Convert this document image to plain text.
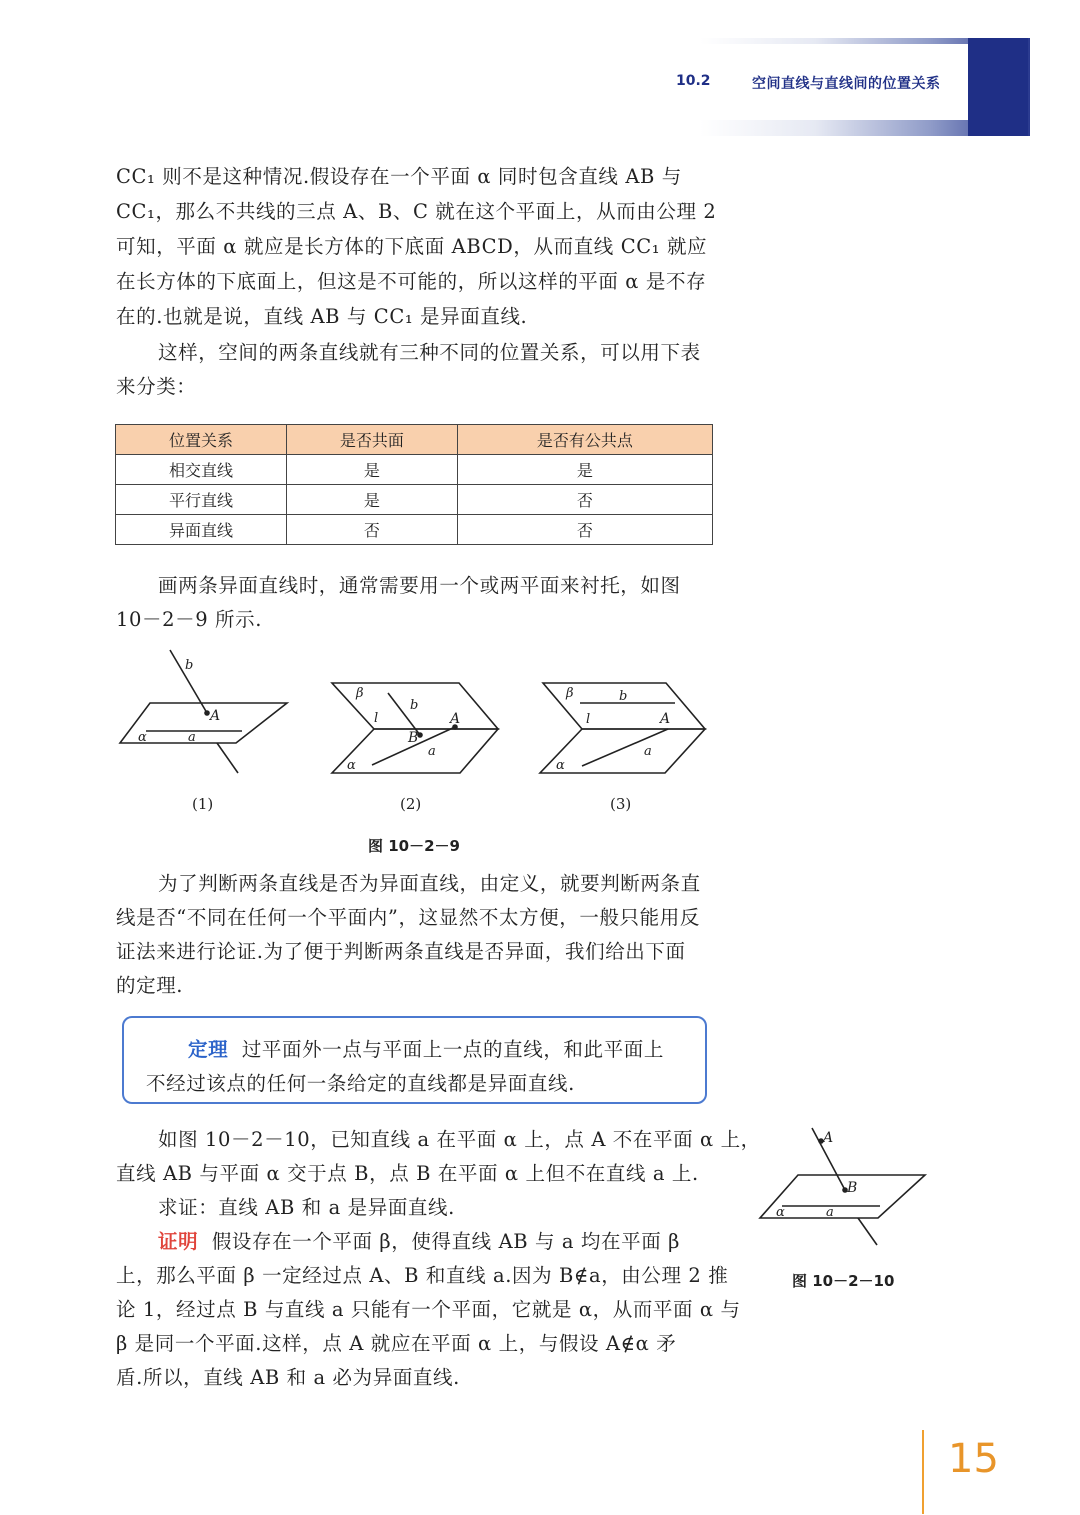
10.2	空间直线与直线间的位置关系
CC₁ 则不是这种情况.假设存在一个平面 α 同时包含直线 AB 与
CC₁，那么不共线的三点 A、B、C 就在这个平面上，从而由公理 2
可知，平面 α 就应是长方体的下底面 ABCD，从而直线 CC₁ 就应
在长方体的下底面上，但这是不可能的，所以这样的平面 α 是不存
在的.也就是说，直线 AB 与 CC₁ 是异面直线.
这样，空间的两条直线就有三种不同的位置关系，可以用下表
来分类：
位置关系	是否共面	是否有公共点
相交直线	是	是
平行直线	是	否
异面直线	否	否
画两条异面直线时，通常需要用一个或两平面来衬托，如图
10－2－9 所示.
b
A
α	a
β
b
l	A
B
a
α
β	b
l	A
a
α
(1)	(2)	(3)
图 10－2－9
为了判断两条直线是否为异面直线，由定义，就要判断两条直
线是否“不同在任何一个平面内”，这显然不太方便，一般只能用反
证法来进行论证.为了便于判断两条直线是否异面，我们给出下面
的定理.
定理 过平面外一点与平面上一点的直线，和此平面上
不经过该点的任何一条给定的直线都是异面直线.
如图 10－2－10，已知直线 a 在平面 α 上，点 A 不在平面 α 上，
直线 AB 与平面 α 交于点 B，点 B 在平面 α 上但不在直线 a 上.
求证：直线 AB 和 a 是异面直线.
证明 假设存在一个平面 β，使得直线 AB 与 a 均在平面 β
上，那么平面 β 一定经过点 A、B 和直线 a.因为 B∉a，由公理 2 推
论 1，经过点 B 与直线 a 只能有一个平面，它就是 α，从而平面 α 与
β 是同一个平面.这样，点 A 就应在平面 α 上，与假设 A∉α 矛
盾.所以，直线 AB 和 a 必为异面直线.
A
B
α	a
图 10－2－10
15
